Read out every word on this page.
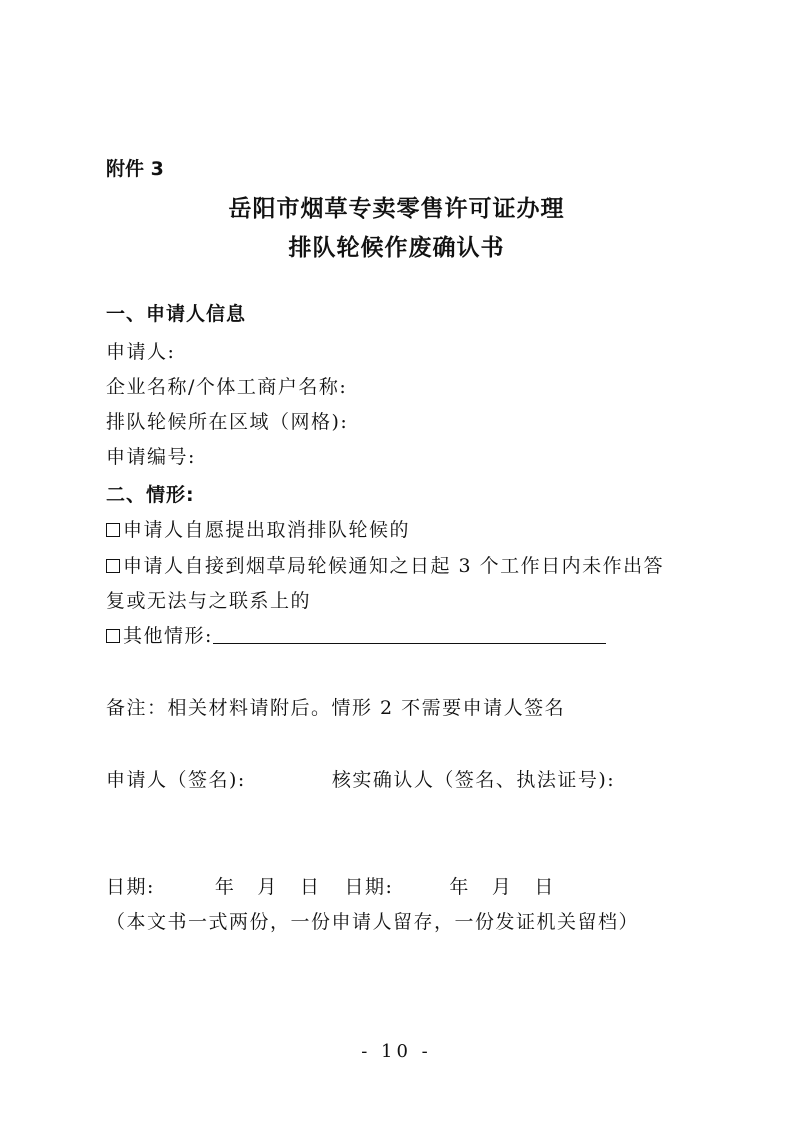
附件 3
岳阳市烟草专卖零售许可证办理
排队轮候作废确认书
一、申请人信息
申请人:
企业名称/个体工商户名称:
排队轮候所在区域（网格):
申请编号:
二、情形:
申请人自愿提出取消排队轮候的
申请人自接到烟草局轮候通知之日起 3 个工作日内未作出答
复或无法与之联系上的
其他情形:
备注：相关材料请附后。情形 2 不需要申请人签名
申请人（签名):	核实确认人（签名、执法证号):
日期:	年 月 日 日期:	年 月 日
（本文书一式两份，一份申请人留存，一份发证机关留档）
- 10 -
